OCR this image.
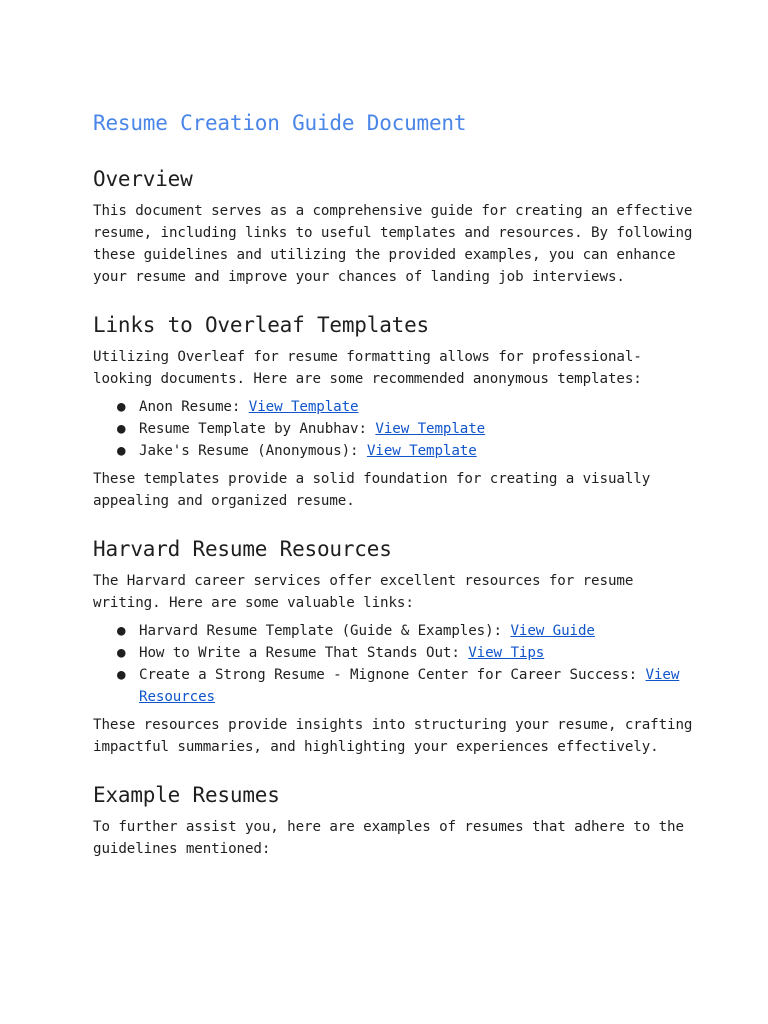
Resume Creation Guide Document
Overview

This document serves as a comprehensive guide for creating an effective resume, including links to useful templates and resources. By following these guidelines and utilizing the provided examples, you can enhance your resume and improve your chances of landing job interviews.

Links to Overleaf Templates

Utilizing Overleaf for resume formatting allows for professional-looking documents. Here are some recommended anonymous templates:

● Anon Resume: View Template
● Resume Template by Anubhav: View Template
● Jake's Resume (Anonymous): View Template

These templates provide a solid foundation for creating a visually appealing and organized resume.

Harvard Resume Resources

The Harvard career services offer excellent resources for resume writing. Here are some valuable links:

● Harvard Resume Template (Guide & Examples): View Guide
● How to Write a Resume That Stands Out: View Tips
● Create a Strong Resume - Mignone Center for Career Success: View Resources

These resources provide insights into structuring your resume, crafting impactful summaries, and highlighting your experiences effectively.

Example Resumes

To further assist you, here are examples of resumes that adhere to the guidelines mentioned:
